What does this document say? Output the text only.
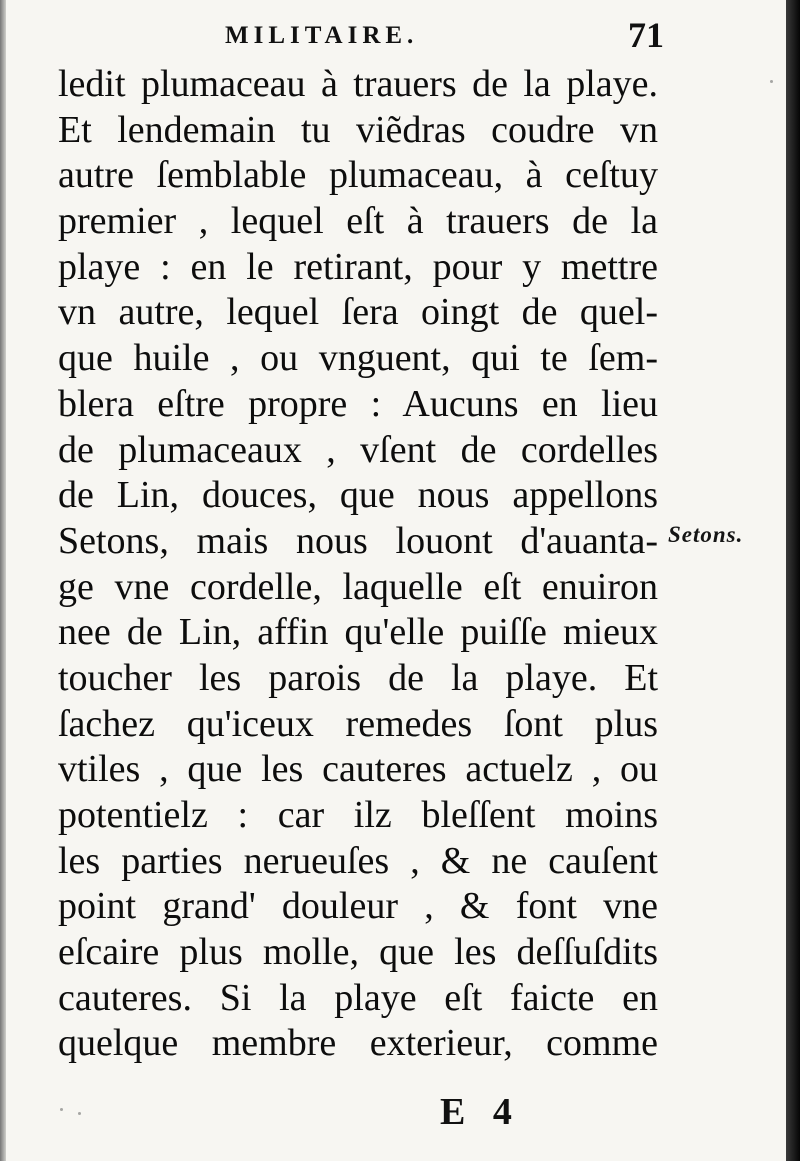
MILITAIRE.	71
ledit plumaceau à trauers de la playe.
Et lendemain tu viẽdras coudre vn
autre ſemblable plumaceau, à ceſtuy
premier , lequel eſt à trauers de la
playe : en le retirant, pour y mettre
vn autre, lequel ſera oingt de quel-
que huile , ou vnguent, qui te ſem-
blera eſtre propre : Aucuns en lieu
de plumaceaux , vſent de cordelles
de Lin, douces, que nous appellons
Setons, mais nous louont d'auanta-
ge vne cordelle, laquelle eſt enuiron
nee de Lin, affin qu'elle puiſſe mieux
toucher les parois de la playe. Et
ſachez qu'iceux remedes ſont plus
vtiles , que les cauteres actuelz , ou
potentielz : car ilz bleſſent moins
les parties nerueuſes , & ne cauſent
point grand' douleur , & font vne
eſcaire plus molle, que les deſſuſdits
cauteres. Si la playe eſt faicte en
quelque membre exterieur, comme
Setons.
E 4
